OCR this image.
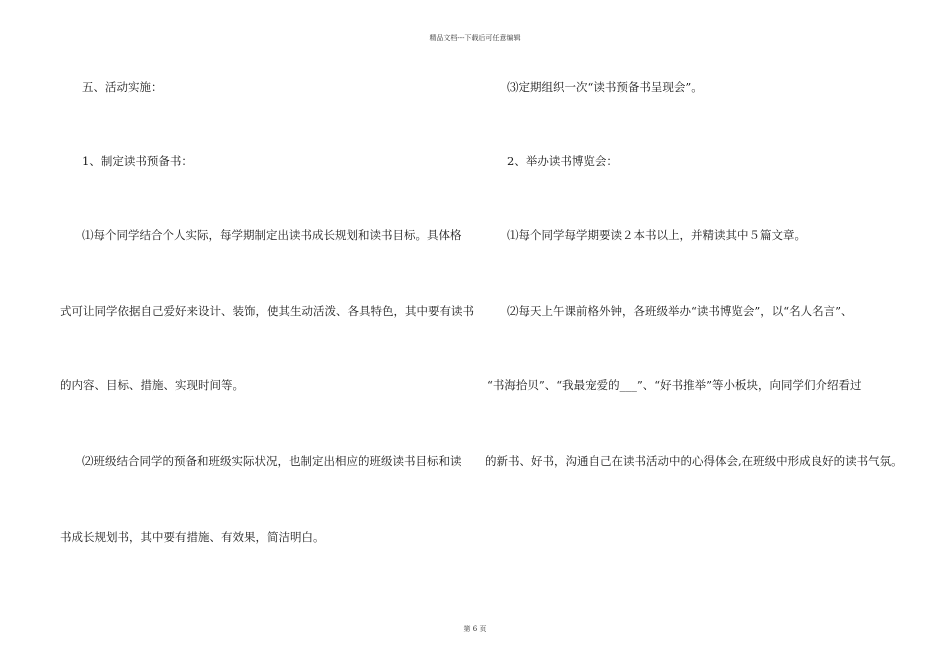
精品文档---下载后可任意编辑
五、活动实施：
1、制定读书预备书：
⑴每个同学结合个人实际，每学期制定出读书成长规划和读书目标。具体格
式可让同学依据自己爱好来设计、装饰，使其生动活泼、各具特色，其中要有读书
的内容、目标、措施、实现时间等。
⑵班级结合同学的预备和班级实际状况，也制定出相应的班级读书目标和读
书成长规划书，其中要有措施、有效果，简洁明白。
⑶定期组织一次“读书预备书呈现会”。
2、举办读书博览会：
⑴每个同学每学期要读２本书以上，并精读其中５篇文章。
⑵每天上午课前格外钟，各班级举办“读书博览会”，以“名人名言”、
“书海拾贝”、“我最宠爱的___”、“好书推举”等小板块，向同学们介绍看过
的新书、好书，沟通自己在读书活动中的心得体会,在班级中形成良好的读书气氛。
第 6 页
